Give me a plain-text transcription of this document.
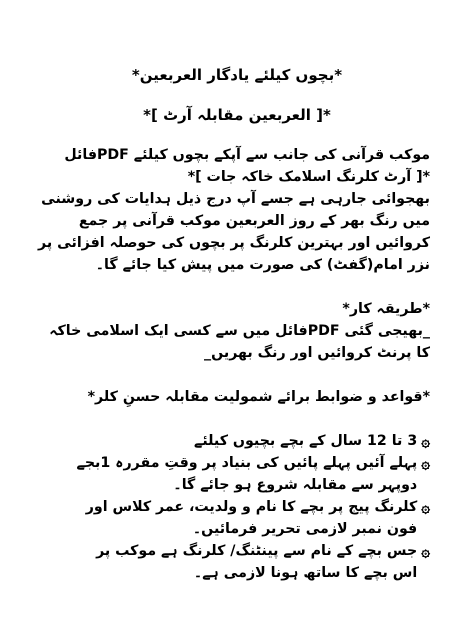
*بچوں کیلئے یادگار العربعین*
*[ العربعین مقابلہ آرٹ ]*
موکب قرآنی کی جانب سے آپکے بچوں کیلئے PDFفائل
*[ آرٹ کلرنگ اسلامک خاکہ جات ]*
بھجوائی جارہی ہے جسے آپ درج ذیل ہدایات کی روشنی
میں رنگ بھر کے روز العربعین موکب قرآنی پر جمع
کروائیں اور بہترین کلرنگ پر بچوں کی حوصلہ افزائی پر
نزر امام(گفٹ) کی صورت میں پیش کیا جائے گا۔
*طریقہ کار*
_بھیجی گئی PDFفائل میں سے کسی ایک اسلامی خاکہ
کا پرنٹ کروائیں اور رنگ بھریں_
*قواعد و ضوابط برائے شمولیت مقابلہ حسنِ کلر*
۞
3 تا 12 سال کے بچے بچیوں کیلئے
۞
پہلے آئیں پہلے پائیں کی بنیاد پر وقتِ مقررہ 1بجے
دوپہر سے مقابلہ شروع ہو جائے گا۔
۞
کلرنگ پیج پر بچے کا نام و ولدیت، عمر کلاس اور
فون نمبر لازمی تحریر فرمائیں۔
۞
جس بچے کے نام سے پینٹنگ/ کلرنگ ہے موکب پر
اس بچے کا ساتھ ہونا لازمی ہے۔
